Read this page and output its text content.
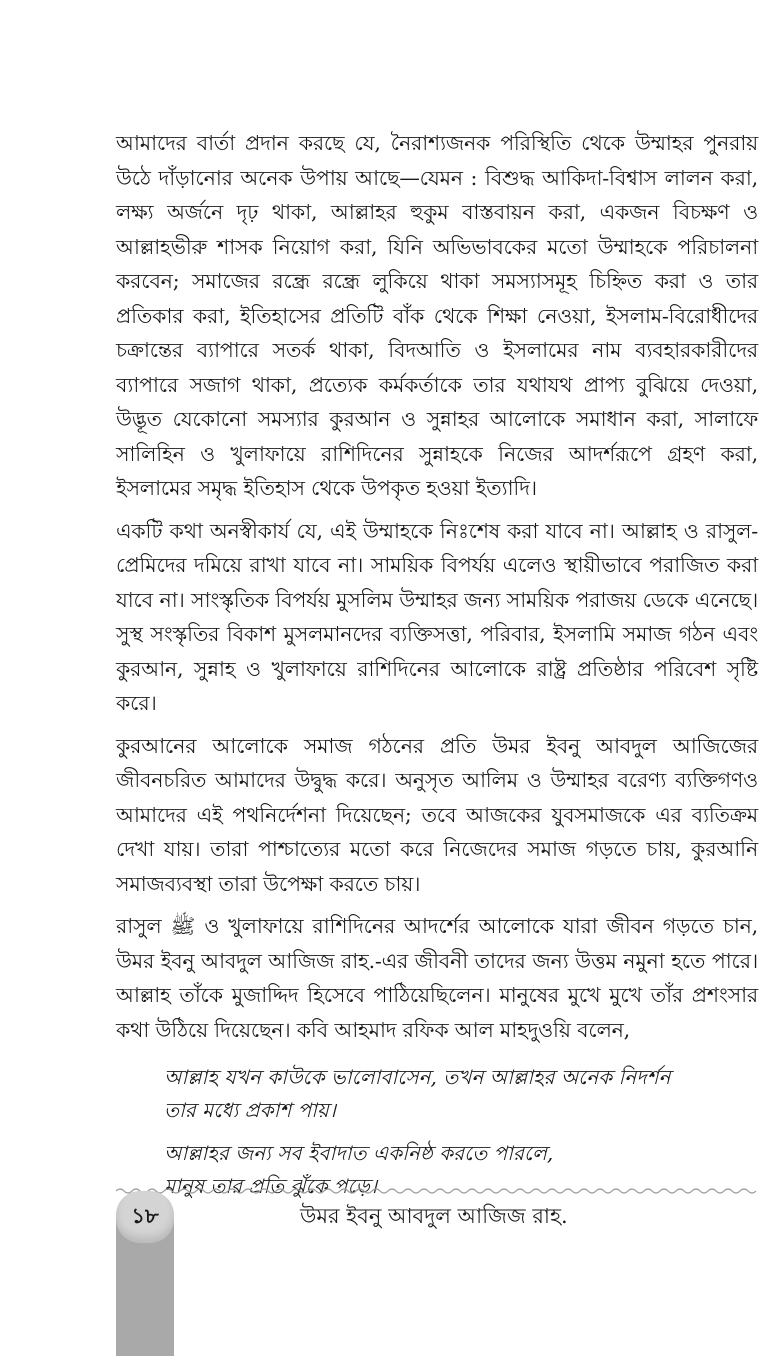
আমাদের বার্তা প্রদান করছে যে, নৈরাশ্যজনক পরিস্থিতি থেকে উম্মাহর পুনরায় উঠে দাঁড়ানোর অনেক উপায় আছে—যেমন : বিশুদ্ধ আকিদা-বিশ্বাস লালন করা, লক্ষ্য অর্জনে দৃঢ় থাকা, আল্লাহর হুকুম বাস্তবায়ন করা, একজন বিচক্ষণ ও আল্লাহভীরু শাসক নিয়োগ করা, যিনি অভিভাবকের মতো উম্মাহকে পরিচালনা করবেন; সমাজের রন্ধ্রে রন্ধ্রে লুকিয়ে থাকা সমস্যাসমূহ চিহ্নিত করা ও তার প্রতিকার করা, ইতিহাসের প্রতিটি বাঁক থেকে শিক্ষা নেওয়া, ইসলাম-বিরোধীদের চক্রান্তের ব্যাপারে সতর্ক থাকা, বিদআতি ও ইসলামের নাম ব্যবহারকারীদের ব্যাপারে সজাগ থাকা, প্রত্যেক কর্মকর্তাকে তার যথাযথ প্রাপ্য বুঝিয়ে দেওয়া, উদ্ভূত যেকোনো সমস্যার কুরআন ও সুন্নাহর আলোকে সমাধান করা, সালাফে সালিহিন ও খুলাফায়ে রাশিদিনের সুন্নাহকে নিজের আদর্শরূপে গ্রহণ করা, ইসলামের সমৃদ্ধ ইতিহাস থেকে উপকৃত হওয়া ইত্যাদি।

একটি কথা অনস্বীকার্য যে, এই উম্মাহকে নিঃশেষ করা যাবে না। আল্লাহ ও রাসুল-প্রেমিদের দমিয়ে রাখা যাবে না। সাময়িক বিপর্যয় এলেও স্থায়ীভাবে পরাজিত করা যাবে না। সাংস্কৃতিক বিপর্যয় মুসলিম উম্মাহর জন্য সাময়িক পরাজয় ডেকে এনেছে। সুস্থ সংস্কৃতির বিকাশ মুসলমানদের ব্যক্তিসত্তা, পরিবার, ইসলামি সমাজ গঠন এবং কুরআন, সুন্নাহ ও খুলাফায়ে রাশিদিনের আলোকে রাষ্ট্র প্রতিষ্ঠার পরিবেশ সৃষ্টি করে।

কুরআনের আলোকে সমাজ গঠনের প্রতি উমর ইবনু আবদুল আজিজের জীবনচরিত আমাদের উদ্বুদ্ধ করে। অনুসৃত আলিম ও উম্মাহর বরেণ্য ব্যক্তিগণও আমাদের এই পথনির্দেশনা দিয়েছেন; তবে আজকের যুবসমাজকে এর ব্যতিক্রম দেখা যায়। তারা পাশ্চাত্যের মতো করে নিজেদের সমাজ গড়তে চায়, কুরআনি সমাজব্যবস্থা তারা উপেক্ষা করতে চায়।

রাসুল ﷺ ও খুলাফায়ে রাশিদিনের আদর্শের আলোকে যারা জীবন গড়তে চান, উমর ইবনু আবদুল আজিজ রাহ.-এর জীবনী তাদের জন্য উত্তম নমুনা হতে পারে। আল্লাহ তাঁকে মুজাদ্দিদ হিসেবে পাঠিয়েছিলেন। মানুষের মুখে মুখে তাঁর প্রশংসার কথা উঠিয়ে দিয়েছেন। কবি আহমাদ রফিক আল মাহদুওয়ি বলেন,

আল্লাহ যখন কাউকে ভালোবাসেন, তখন আল্লাহর অনেক নিদর্শন
তার মধ্যে প্রকাশ পায়।
আল্লাহর জন্য সব ইবাদাত একনিষ্ঠ করতে পারলে,
মানুষ তার প্রতি ঝুঁকে পড়ে।
১৮	উমর ইবনু আবদুল আজিজ রাহ.
